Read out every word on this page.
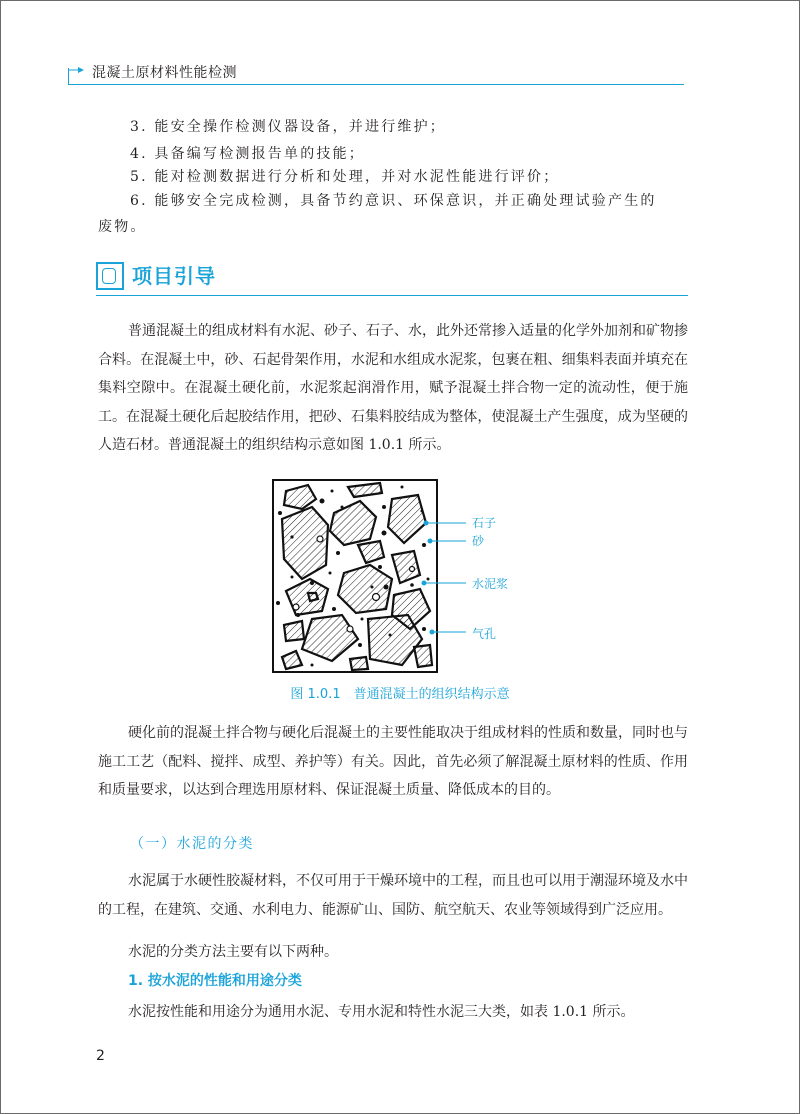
混凝土原材料性能检测
3. 能安全操作检测仪器设备，并进行维护；
4. 具备编写检测报告单的技能；
5. 能对检测数据进行分析和处理，并对水泥性能进行评价；
6. 能够安全完成检测，具备节约意识、环保意识，并正确处理试验产生的
废物。
项目引导
普通混凝土的组成材料有水泥、砂子、石子、水，此外还常掺入适量的化学外加剂和矿物掺合料。在混凝土中，砂、石起骨架作用，水泥和水组成水泥浆，包裹在粗、细集料表面并填充在集料空隙中。在混凝土硬化前，水泥浆起润滑作用，赋予混凝土拌合物一定的流动性，便于施工。在混凝土硬化后起胶结作用，把砂、石集料胶结成为整体，使混凝土产生强度，成为坚硬的人造石材。普通混凝土的组织结构示意如图 1.0.1 所示。
石子
砂
水泥浆
气孔
图 1.0.1　普通混凝土的组织结构示意
硬化前的混凝土拌合物与硬化后混凝土的主要性能取决于组成材料的性质和数量，同时也与施工工艺（配料、搅拌、成型、养护等）有关。因此，首先必须了解混凝土原材料的性质、作用和质量要求，以达到合理选用原材料、保证混凝土质量、降低成本的目的。
（一）水泥的分类
水泥属于水硬性胶凝材料，不仅可用于干燥环境中的工程，而且也可以用于潮湿环境及水中的工程，在建筑、交通、水利电力、能源矿山、国防、航空航天、农业等领域得到广泛应用。
水泥的分类方法主要有以下两种。
1. 按水泥的性能和用途分类
水泥按性能和用途分为通用水泥、专用水泥和特性水泥三大类，如表 1.0.1 所示。
2
